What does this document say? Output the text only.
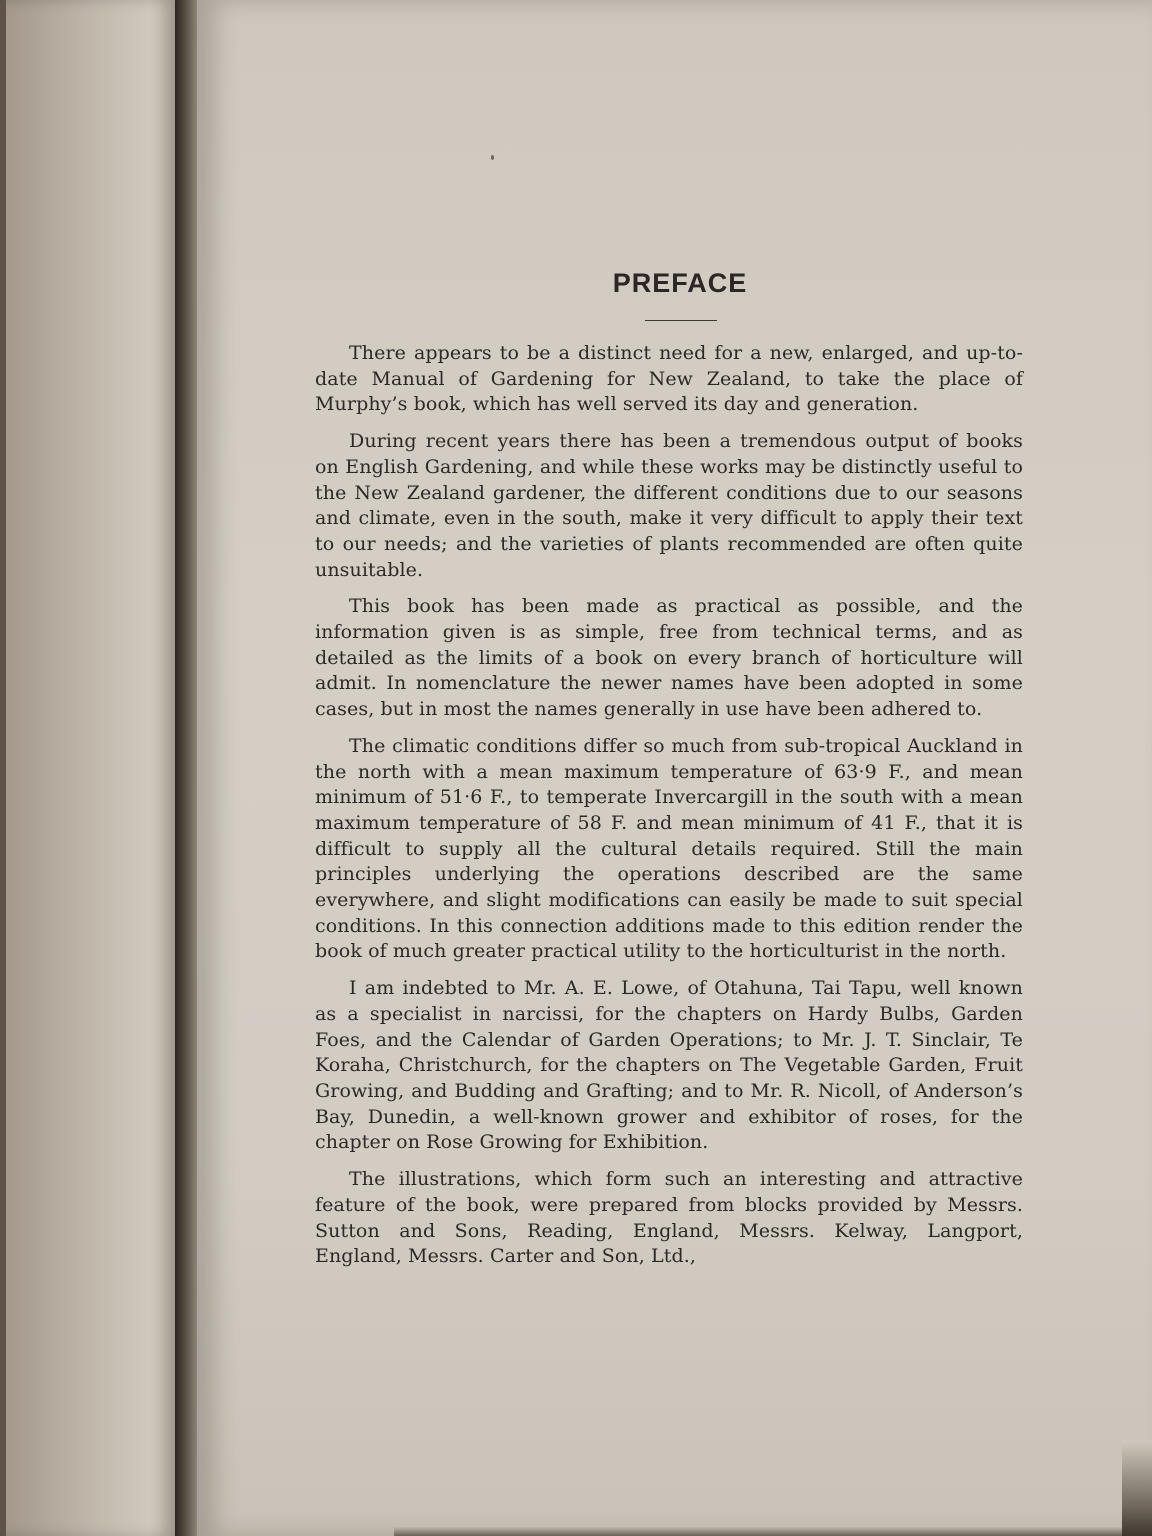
PREFACE

There appears to be a distinct need for a new, enlarged, and up-to-date Manual of Gardening for New Zealand, to take the place of Murphy’s book, which has well served its day and generation.

During recent years there has been a tremendous output of books on English Gardening, and while these works may be distinctly useful to the New Zealand gardener, the different conditions due to our seasons and climate, even in the south, make it very difficult to apply their text to our needs; and the varieties of plants recommended are often quite unsuitable.

This book has been made as practical as possible, and the information given is as simple, free from technical terms, and as detailed as the limits of a book on every branch of horticulture will admit. In nomenclature the newer names have been adopted in some cases, but in most the names generally in use have been adhered to.

The climatic conditions differ so much from sub-tropical Auckland in the north with a mean maximum temperature of 63·9 F., and mean minimum of 51·6 F., to temperate Invercargill in the south with a mean maximum temperature of 58 F. and mean minimum of 41 F., that it is difficult to supply all the cultural details required. Still the main principles underlying the operations described are the same everywhere, and slight modifications can easily be made to suit special conditions. In this connection additions made to this edition render the book of much greater practical utility to the horticulturist in the north.

I am indebted to Mr. A. E. Lowe, of Otahuna, Tai Tapu, well known as a specialist in narcissi, for the chapters on Hardy Bulbs, Garden Foes, and the Calendar of Garden Operations; to Mr. J. T. Sinclair, Te Koraha, Christchurch, for the chapters on The Vegetable Garden, Fruit Growing, and Budding and Grafting; and to Mr. R. Nicoll, of Anderson’s Bay, Dunedin, a well-known grower and exhibitor of roses, for the chapter on Rose Growing for Exhibition.

The illustrations, which form such an interesting and attractive feature of the book, were prepared from blocks provided by Messrs. Sutton and Sons, Reading, England, Messrs. Kelway, Langport, England, Messrs. Carter and Son, Ltd.,
